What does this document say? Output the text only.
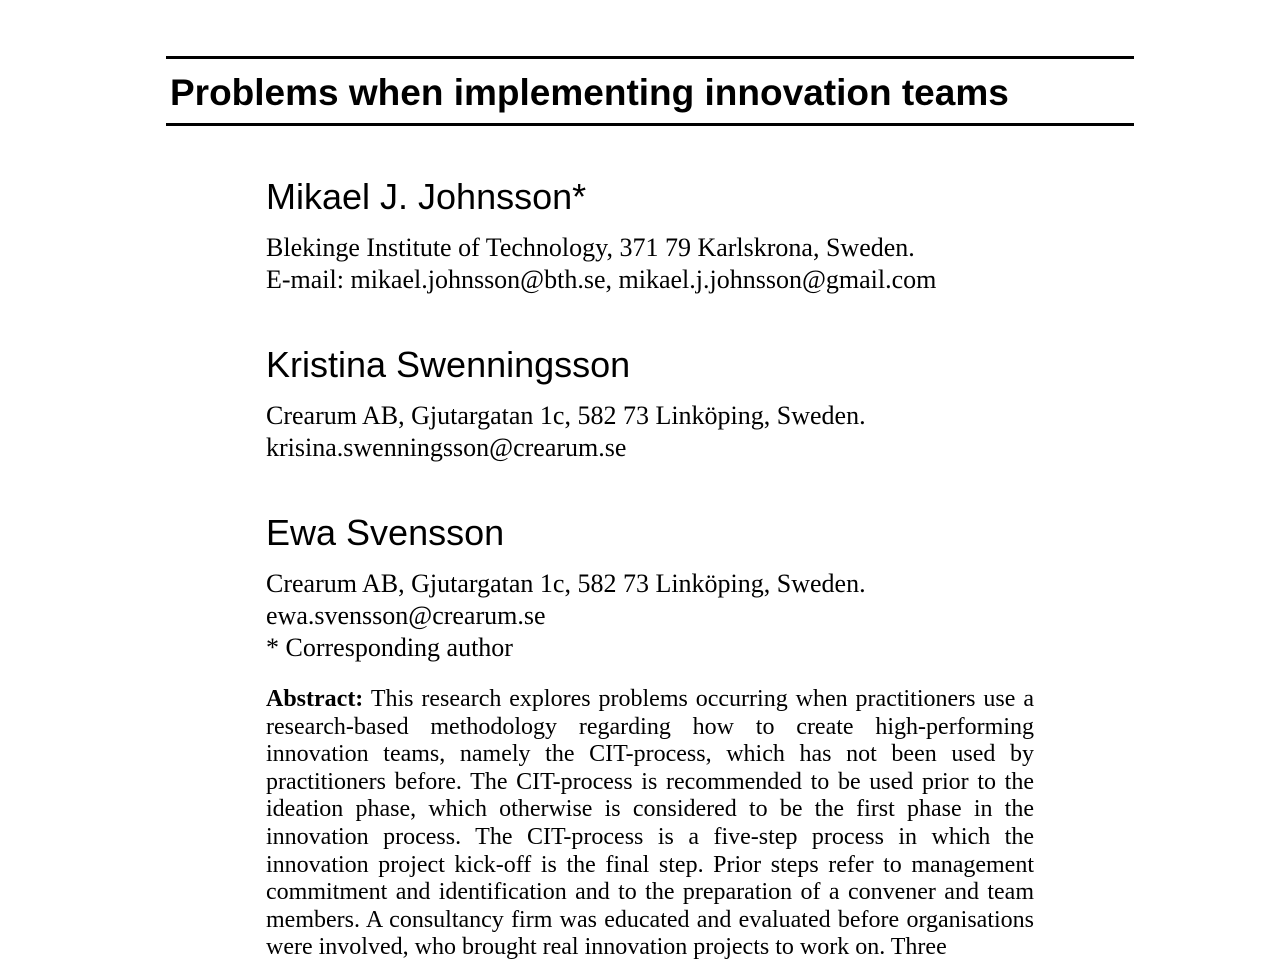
Problems when implementing innovation teams
Mikael J. Johnsson*
Blekinge Institute of Technology, 371 79 Karlskrona, Sweden.
E-mail: mikael.johnsson@bth.se, mikael.j.johnsson@gmail.com
Kristina Swenningsson
Crearum AB, Gjutargatan 1c, 582 73 Linköping, Sweden.
krisina.swenningsson@crearum.se
Ewa Svensson
Crearum AB, Gjutargatan 1c, 582 73 Linköping, Sweden.
ewa.svensson@crearum.se
* Corresponding author

Abstract: This research explores problems occurring when practitioners use a research-based methodology regarding how to create high-performing innovation teams, namely the CIT-process, which has not been used by practitioners before. The CIT-process is recommended to be used prior to the ideation phase, which otherwise is considered to be the first phase in the innovation process. The CIT-process is a five-step process in which the innovation project kick-off is the final step. Prior steps refer to management commitment and identification and to the preparation of a convener and team members. A consultancy firm was educated and evaluated before organisations were involved, who brought real innovation projects to work on. Three
